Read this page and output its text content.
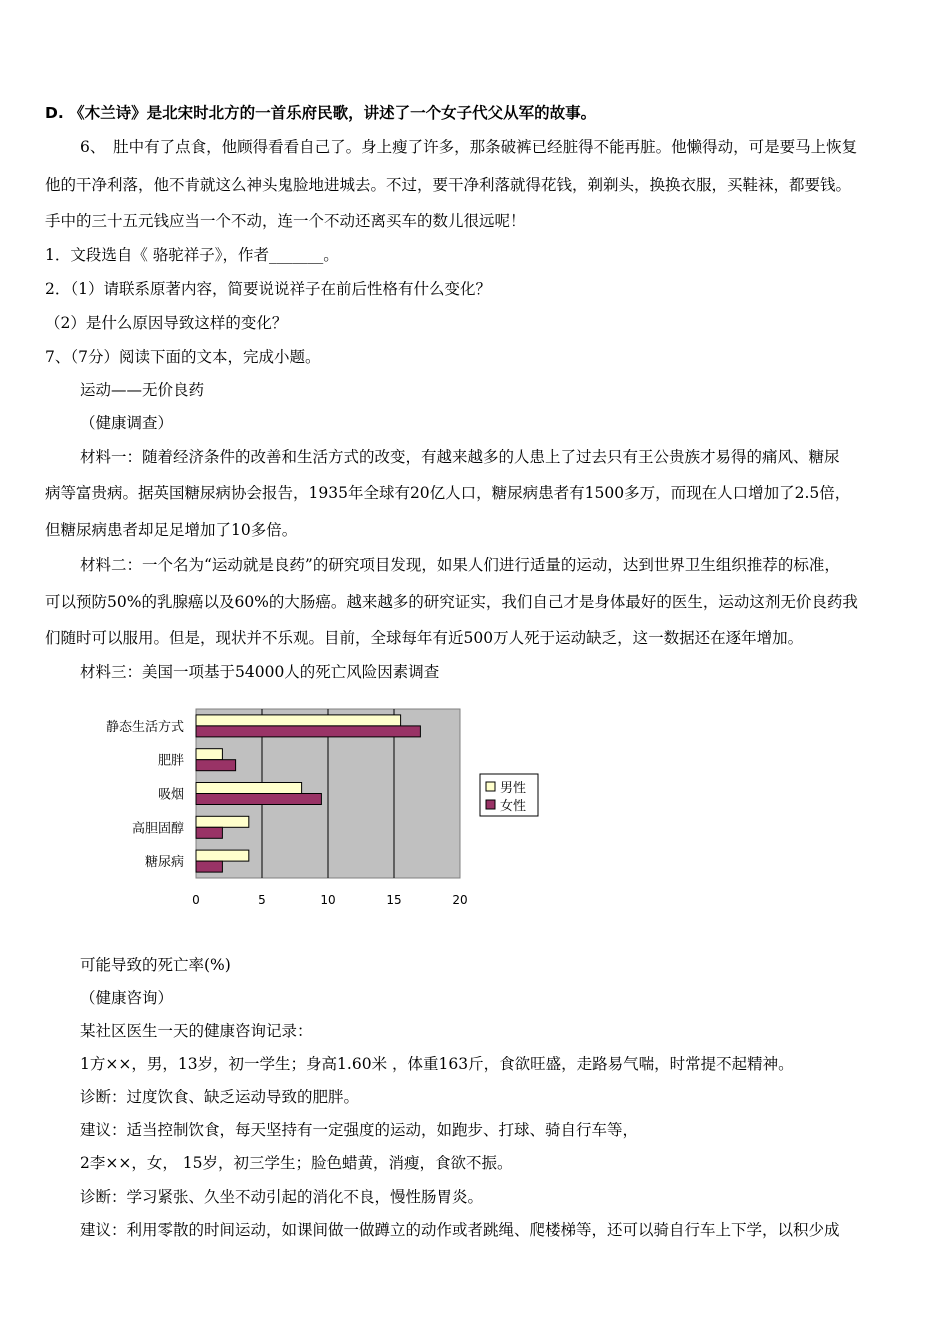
D. 《木兰诗》是北宋时北方的一首乐府民歌，讲述了一个女子代父从军的故事。
6、　肚中有了点食，他顾得看看自己了。身上瘦了许多，那条破裤已经脏得不能再脏。他懒得动，可是要马上恢复
他的干净利落，他不肯就这么神头鬼脸地进城去。不过，要干净利落就得花钱，剃剃头，换换衣服，买鞋袜，都要钱。
手中的三十五元钱应当一个不动，连一个不动还离买车的数儿很远呢！
1．文段选自《 骆驼祥子》，作者_______。
2．（1）请联系原著内容，简要说说祥子在前后性格有什么变化？
（2）是什么原因导致这样的变化？
7、（7分）阅读下面的文本，完成小题。
运动——无价良药
（健康调查）
材料一：随着经济条件的改善和生活方式的改变，有越来越多的人患上了过去只有王公贵族才易得的痛风、糖尿
病等富贵病。据英国糖尿病协会报告，1935年全球有20亿人口，糖尿病患者有1500多万，而现在人口增加了2.5倍，
但糖尿病患者却足足增加了10多倍。
材料二：一个名为“运动就是良药”的研究项目发现，如果人们进行适量的运动，达到世界卫生组织推荐的标准，
可以预防50%的乳腺癌以及60%的大肠癌。越来越多的研究证实，我们自己才是身体最好的医生，运动这剂无价良药我
们随时可以服用。但是，现状并不乐观。目前，全球每年有近500万人死于运动缺乏，这一数据还在逐年增加。
材料三：美国一项基于54000人的死亡风险因素调查
0	5	10	15	20
静态生活方式
肥胖
吸烟
高胆固醇
糖尿病
男性
女性
可能导致的死亡率(%)
（健康咨询）
某社区医生一天的健康咨询记录：
1方××，男，13岁，初一学生；身高1.60米 ，体重163斤，食欲旺盛，走路易气喘，时常提不起精神。
诊断：过度饮食、缺乏运动导致的肥胖。
建议：适当控制饮食，每天坚持有一定强度的运动，如跑步、打球、骑自行车等，
2李××，女， 15岁，初三学生；脸色蜡黄，消瘦，食欲不振。
诊断：学习紧张、久坐不动引起的消化不良，慢性肠胃炎。
建议：利用零散的时间运动，如课间做一做蹲立的动作或者跳绳、爬楼梯等，还可以骑自行车上下学，以积少成
